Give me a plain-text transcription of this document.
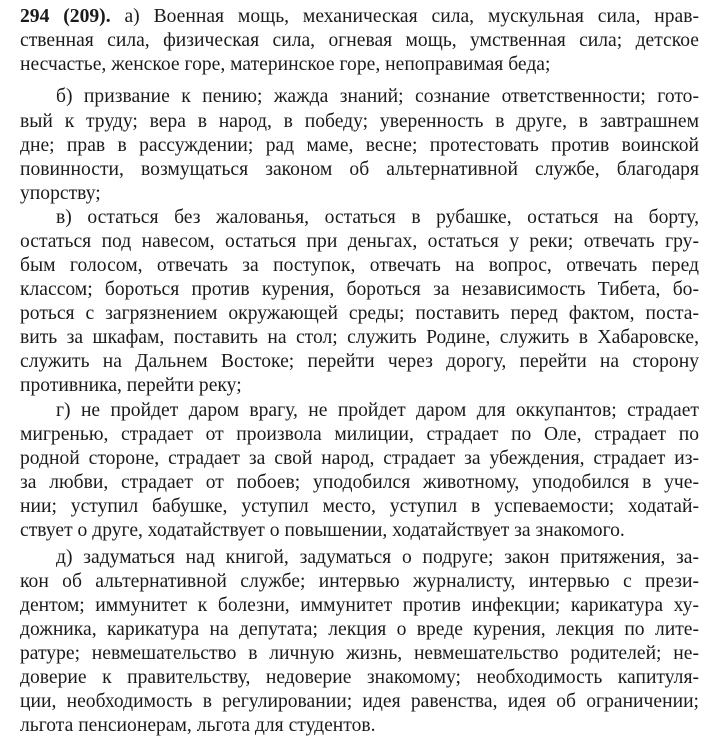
294 (209). а) Военная мощь, механическая сила, мускульная сила, нрав-
ственная сила, физическая сила, огневая мощь, умственная сила; детское
несчастье, женское горе, материнское горе, непоправимая беда;
б) призвание к пению; жажда знаний; сознание ответственности; гото-
вый к труду; вера в народ, в победу; уверенность в друге, в завтрашнем
дне; прав в рассуждении; рад маме, весне; протестовать против воинской
повинности, возмущаться законом об альтернативной службе, благодаря
упорству;
в) остаться без жалованья, остаться в рубашке, остаться на борту,
остаться под навесом, остаться при деньгах, остаться у реки; отвечать гру-
бым голосом, отвечать за поступок, отвечать на вопрос, отвечать перед
классом; бороться против курения, бороться за независимость Тибета, бо-
роться с загрязнением окружающей среды; поставить перед фактом, поста-
вить за шкафам, поставить на стол; служить Родине, служить в Хабаровске,
служить на Дальнем Востоке; перейти через дорогу, перейти на сторону
противника, перейти реку;
г) не пройдет даром врагу, не пройдет даром для оккупантов; страдает
мигренью, страдает от произвола милиции, страдает по Оле, страдает по
родной стороне, страдает за свой народ, страдает за убеждения, страдает из-
за любви, страдает от побоев; уподобился животному, уподобился в уче-
нии; уступил бабушке, уступил место, уступил в успеваемости; ходатай-
ствует о друге, ходатайствует о повышении, ходатайствует за знакомого.
д) задуматься над книгой, задуматься о подруге; закон притяжения, за-
кон об альтернативной службе; интервью журналисту, интервью с прези-
дентом; иммунитет к болезни, иммунитет против инфекции; карикатура ху-
дожника, карикатура на депутата; лекция о вреде курения, лекция по лите-
ратуре; невмешательство в личную жизнь, невмешательство родителей; не-
доверие к правительству, недоверие знакомому; необходимость капитуля-
ции, необходимость в регулировании; идея равенства, идея об ограничении;
льгота пенсионерам, льгота для студентов.
